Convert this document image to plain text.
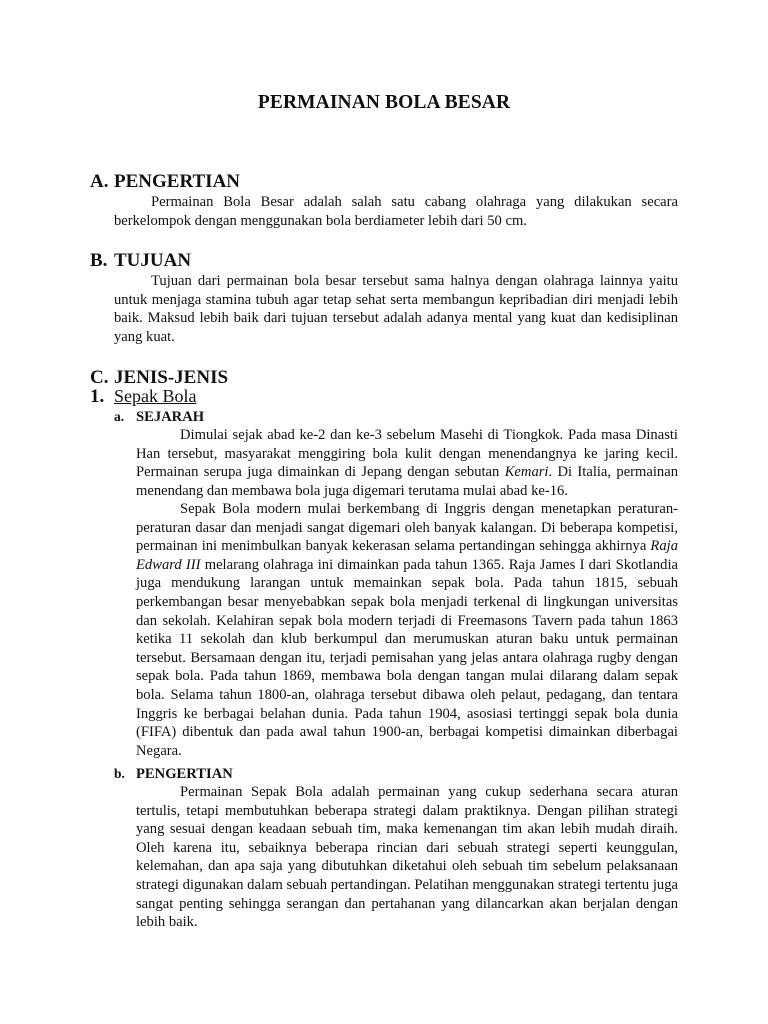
PERMAINAN BOLA BESAR
A. PENGERTIAN

Permainan Bola Besar adalah salah satu cabang olahraga yang dilakukan secara berkelompok dengan menggunakan bola berdiameter lebih dari 50 cm.

B. TUJUAN

Tujuan dari permainan bola besar tersebut sama halnya dengan olahraga lainnya yaitu untuk menjaga stamina tubuh agar tetap sehat serta membangun kepribadian diri menjadi lebih baik. Maksud lebih baik dari tujuan tersebut adalah adanya mental yang kuat dan kedisiplinan yang kuat.

C. JENIS-JENIS

1. Sepak Bola

a. SEJARAH

Dimulai sejak abad ke-2 dan ke-3 sebelum Masehi di Tiongkok. Pada masa Dinasti Han tersebut, masyarakat menggiring bola kulit dengan menendangnya ke jaring kecil. Permainan serupa juga dimainkan di Jepang dengan sebutan Kemari. Di Italia, permainan menendang dan membawa bola juga digemari terutama mulai abad ke-16.

Sepak Bola modern mulai berkembang di Inggris dengan menetapkan peraturan-peraturan dasar dan menjadi sangat digemari oleh banyak kalangan. Di beberapa kompetisi, permainan ini menimbulkan banyak kekerasan selama pertandingan sehingga akhirnya Raja Edward III melarang olahraga ini dimainkan pada tahun 1365. Raja James I dari Skotlandia juga mendukung larangan untuk memainkan sepak bola. Pada tahun 1815, sebuah perkembangan besar menyebabkan sepak bola menjadi terkenal di lingkungan universitas dan sekolah. Kelahiran sepak bola modern terjadi di Freemasons Tavern pada tahun 1863 ketika 11 sekolah dan klub berkumpul dan merumuskan aturan baku untuk permainan tersebut. Bersamaan dengan itu, terjadi pemisahan yang jelas antara olahraga rugby dengan sepak bola. Pada tahun 1869, membawa bola dengan tangan mulai dilarang dalam sepak bola. Selama tahun 1800-an, olahraga tersebut dibawa oleh pelaut, pedagang, dan tentara Inggris ke berbagai belahan dunia. Pada tahun 1904, asosiasi tertinggi sepak bola dunia (FIFA) dibentuk dan pada awal tahun 1900-an, berbagai kompetisi dimainkan diberbagai Negara.

b. PENGERTIAN

Permainan Sepak Bola adalah permainan yang cukup sederhana secara aturan tertulis, tetapi membutuhkan beberapa strategi dalam praktiknya. Dengan pilihan strategi yang sesuai dengan keadaan sebuah tim, maka kemenangan tim akan lebih mudah diraih. Oleh karena itu, sebaiknya beberapa rincian dari sebuah strategi seperti keunggulan, kelemahan, dan apa saja yang dibutuhkan diketahui oleh sebuah tim sebelum pelaksanaan strategi digunakan dalam sebuah pertandingan. Pelatihan menggunakan strategi tertentu juga sangat penting sehingga serangan dan pertahanan yang dilancarkan akan berjalan dengan lebih baik.
